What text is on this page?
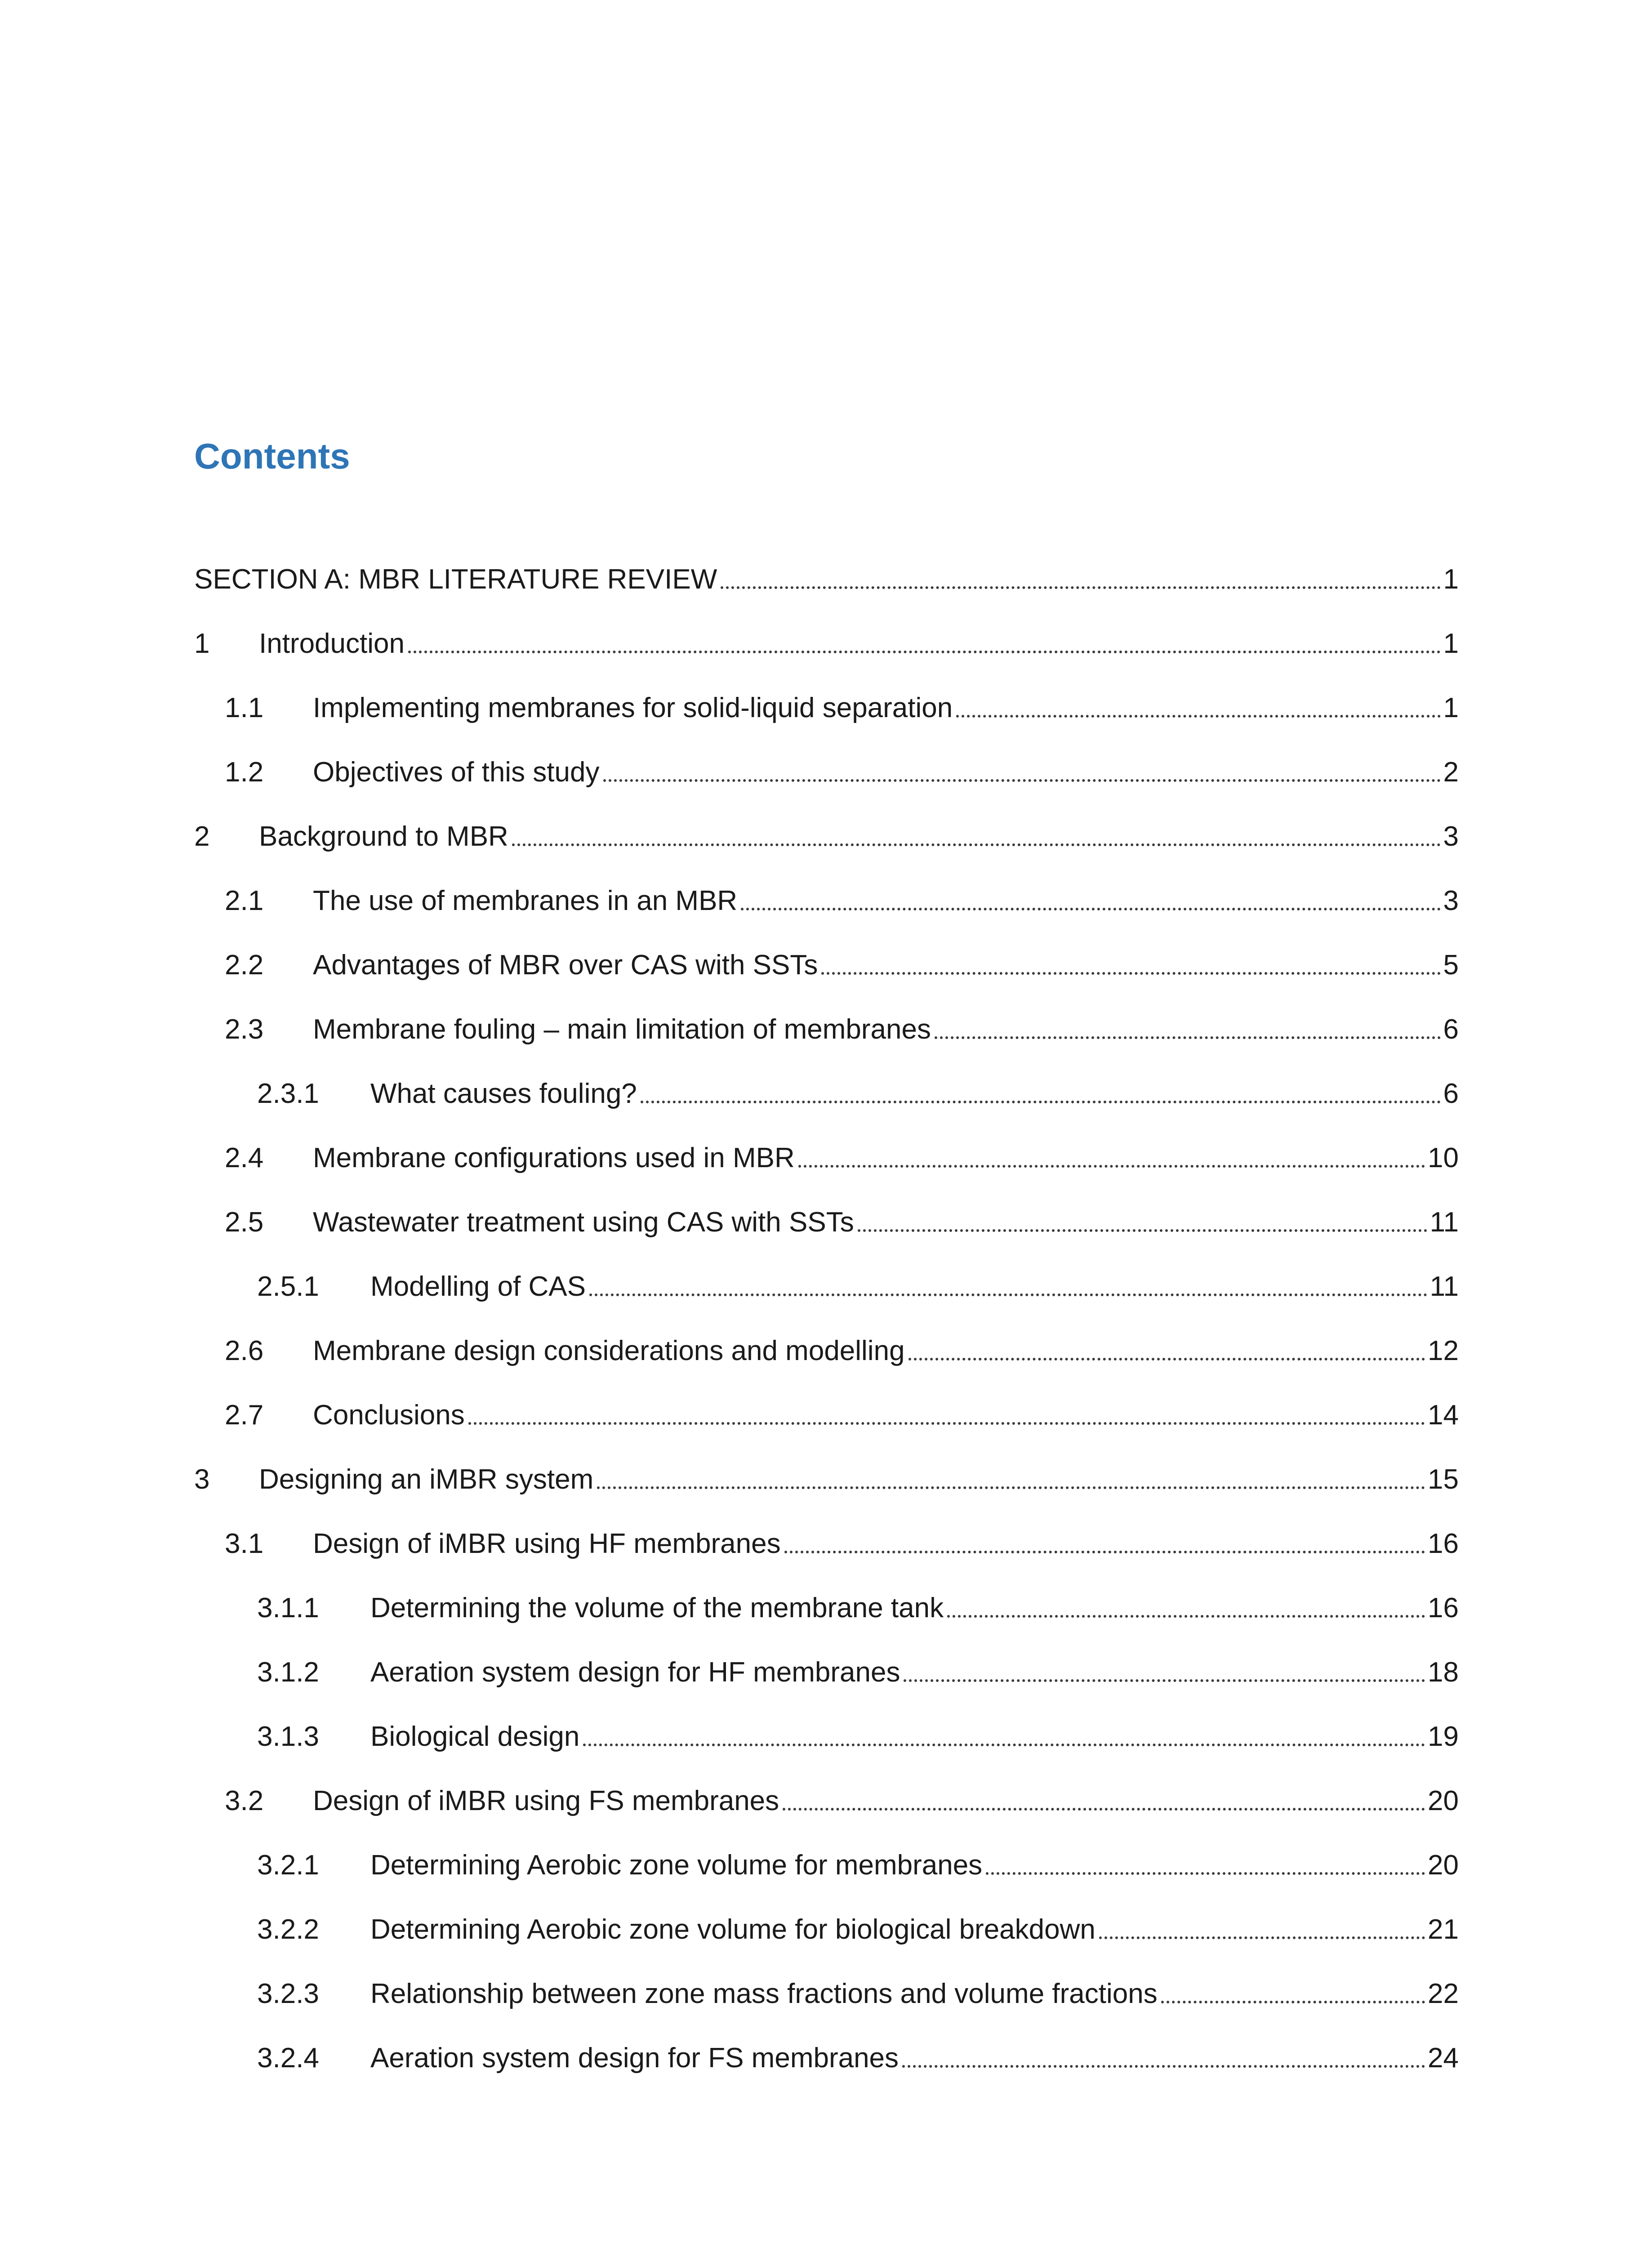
Contents
SECTION A: MBR LITERATURE REVIEW	1
1	Introduction	1
1.1	Implementing membranes for solid-liquid separation	1
1.2	Objectives of this study	2
2	Background to MBR	3
2.1	The use of membranes in an MBR	3
2.2	Advantages of MBR over CAS with SSTs	5
2.3	Membrane fouling – main limitation of membranes	6
2.3.1	What causes fouling?	6
2.4	Membrane configurations used in MBR	10
2.5	Wastewater treatment using CAS with SSTs	11
2.5.1	Modelling of CAS	11
2.6	Membrane design considerations and modelling	12
2.7	Conclusions	14
3	Designing an iMBR system	15
3.1	Design of iMBR using HF membranes	16
3.1.1	Determining the volume of the membrane tank	16
3.1.2	Aeration system design for HF membranes	18
3.1.3	Biological design	19
3.2	Design of iMBR using FS membranes	20
3.2.1	Determining Aerobic zone volume for membranes	20
3.2.2	Determining Aerobic zone volume for biological breakdown	21
3.2.3	Relationship between zone mass fractions and volume fractions	22
3.2.4	Aeration system design for FS membranes	24
